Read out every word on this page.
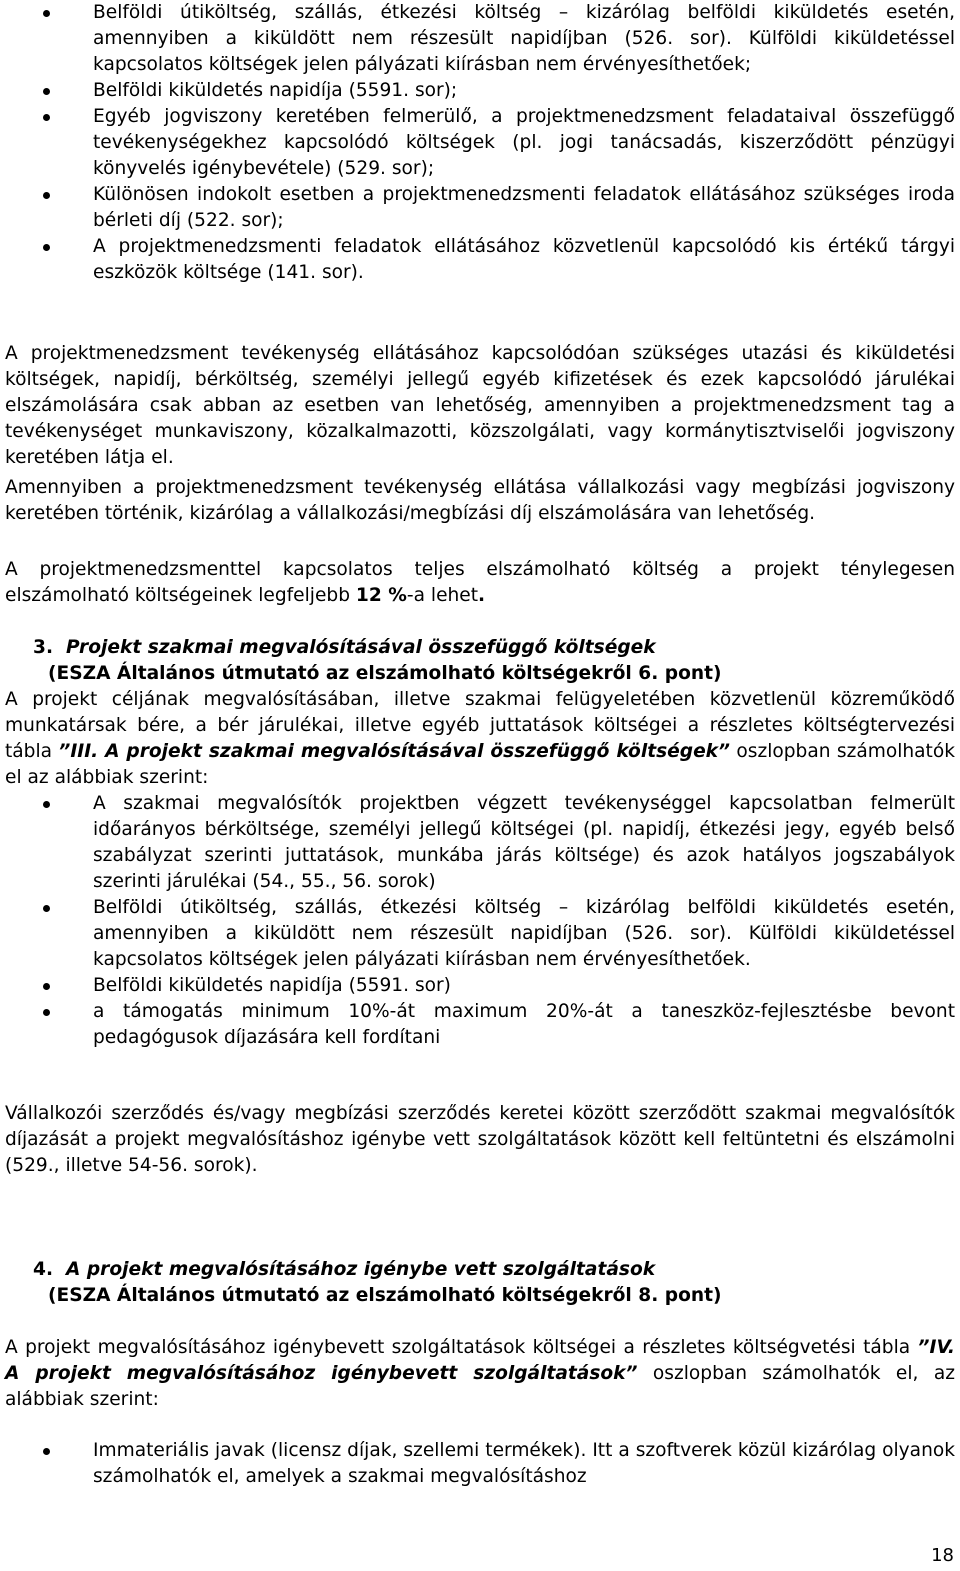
Belföldi útiköltség, szállás, étkezési költség – kizárólag belföldi kiküldetés esetén, amennyiben a kiküldött nem részesült napidíjban (526. sor). Külföldi kiküldetéssel kapcsolatos költségek jelen pályázati kiírásban nem érvényesíthetőek;
Belföldi kiküldetés napidíja (5591. sor);
Egyéb jogviszony keretében felmerülő, a projektmenedzsment feladataival összefüggő tevékenységekhez kapcsolódó költségek (pl. jogi tanácsadás, kiszerződött pénzügyi könyvelés igénybevétele) (529. sor);
Különösen indokolt esetben a projektmenedzsmenti feladatok ellátásához szükséges iroda bérleti díj (522. sor);
A projektmenedzsmenti feladatok ellátásához közvetlenül kapcsolódó kis értékű tárgyi eszközök költsége (141. sor).

A projektmenedzsment tevékenység ellátásához kapcsolódóan szükséges utazási és kiküldetési költségek, napidíj, bérköltség, személyi jellegű egyéb kifizetések és ezek kapcsolódó járulékai elszámolására csak abban az esetben van lehetőség, amennyiben a projektmenedzsment tag a tevékenységet munkaviszony, közalkalmazotti, közszolgálati, vagy kormánytisztviselői jogviszony keretében látja el.

Amennyiben a projektmenedzsment tevékenység ellátása vállalkozási vagy megbízási jogviszony keretében történik, kizárólag a vállalkozási/megbízási díj elszámolására van lehetőség.

A projektmenedzsmenttel kapcsolatos teljes elszámolható költség a projekt ténylegesen elszámolható költségeinek legfeljebb 12 %-a lehet.

3. Projekt szakmai megvalósításával összefüggő költségek
(ESZA Általános útmutató az elszámolható költségekről 6. pont)

A projekt céljának megvalósításában, illetve szakmai felügyeletében közvetlenül közreműködő munkatársak bére, a bér járulékai, illetve egyéb juttatások költségei a részletes költségtervezési tábla ”III. A projekt szakmai megvalósításával összefüggő költségek” oszlopban számolhatók el az alábbiak szerint:

A szakmai megvalósítók projektben végzett tevékenységgel kapcsolatban felmerült időarányos bérköltsége, személyi jellegű költségei (pl. napidíj, étkezési jegy, egyéb belső szabályzat szerinti juttatások, munkába járás költsége) és azok hatályos jogszabályok szerinti járulékai (54., 55., 56. sorok)
Belföldi útiköltség, szállás, étkezési költség – kizárólag belföldi kiküldetés esetén, amennyiben a kiküldött nem részesült napidíjban (526. sor). Külföldi kiküldetéssel kapcsolatos költségek jelen pályázati kiírásban nem érvényesíthetőek.
Belföldi kiküldetés napidíja (5591. sor)
a támogatás minimum 10%-át maximum 20%-át a taneszköz-fejlesztésbe bevont pedagógusok díjazására kell fordítani

Vállalkozói szerződés és/vagy megbízási szerződés keretei között szerződött szakmai megvalósítók díjazását a projekt megvalósításhoz igénybe vett szolgáltatások között kell feltüntetni és elszámolni (529., illetve 54-56. sorok).

4. A projekt megvalósításához igénybe vett szolgáltatások
(ESZA Általános útmutató az elszámolható költségekről 8. pont)

A projekt megvalósításához igénybevett szolgáltatások költségei a részletes költségvetési tábla ”IV. A projekt megvalósításához igénybevett szolgáltatások” oszlopban számolhatók el, az alábbiak szerint:

Immateriális javak (licensz díjak, szellemi termékek). Itt a szoftverek közül kizárólag olyanok számolhatók el, amelyek a szakmai megvalósításhoz
18
